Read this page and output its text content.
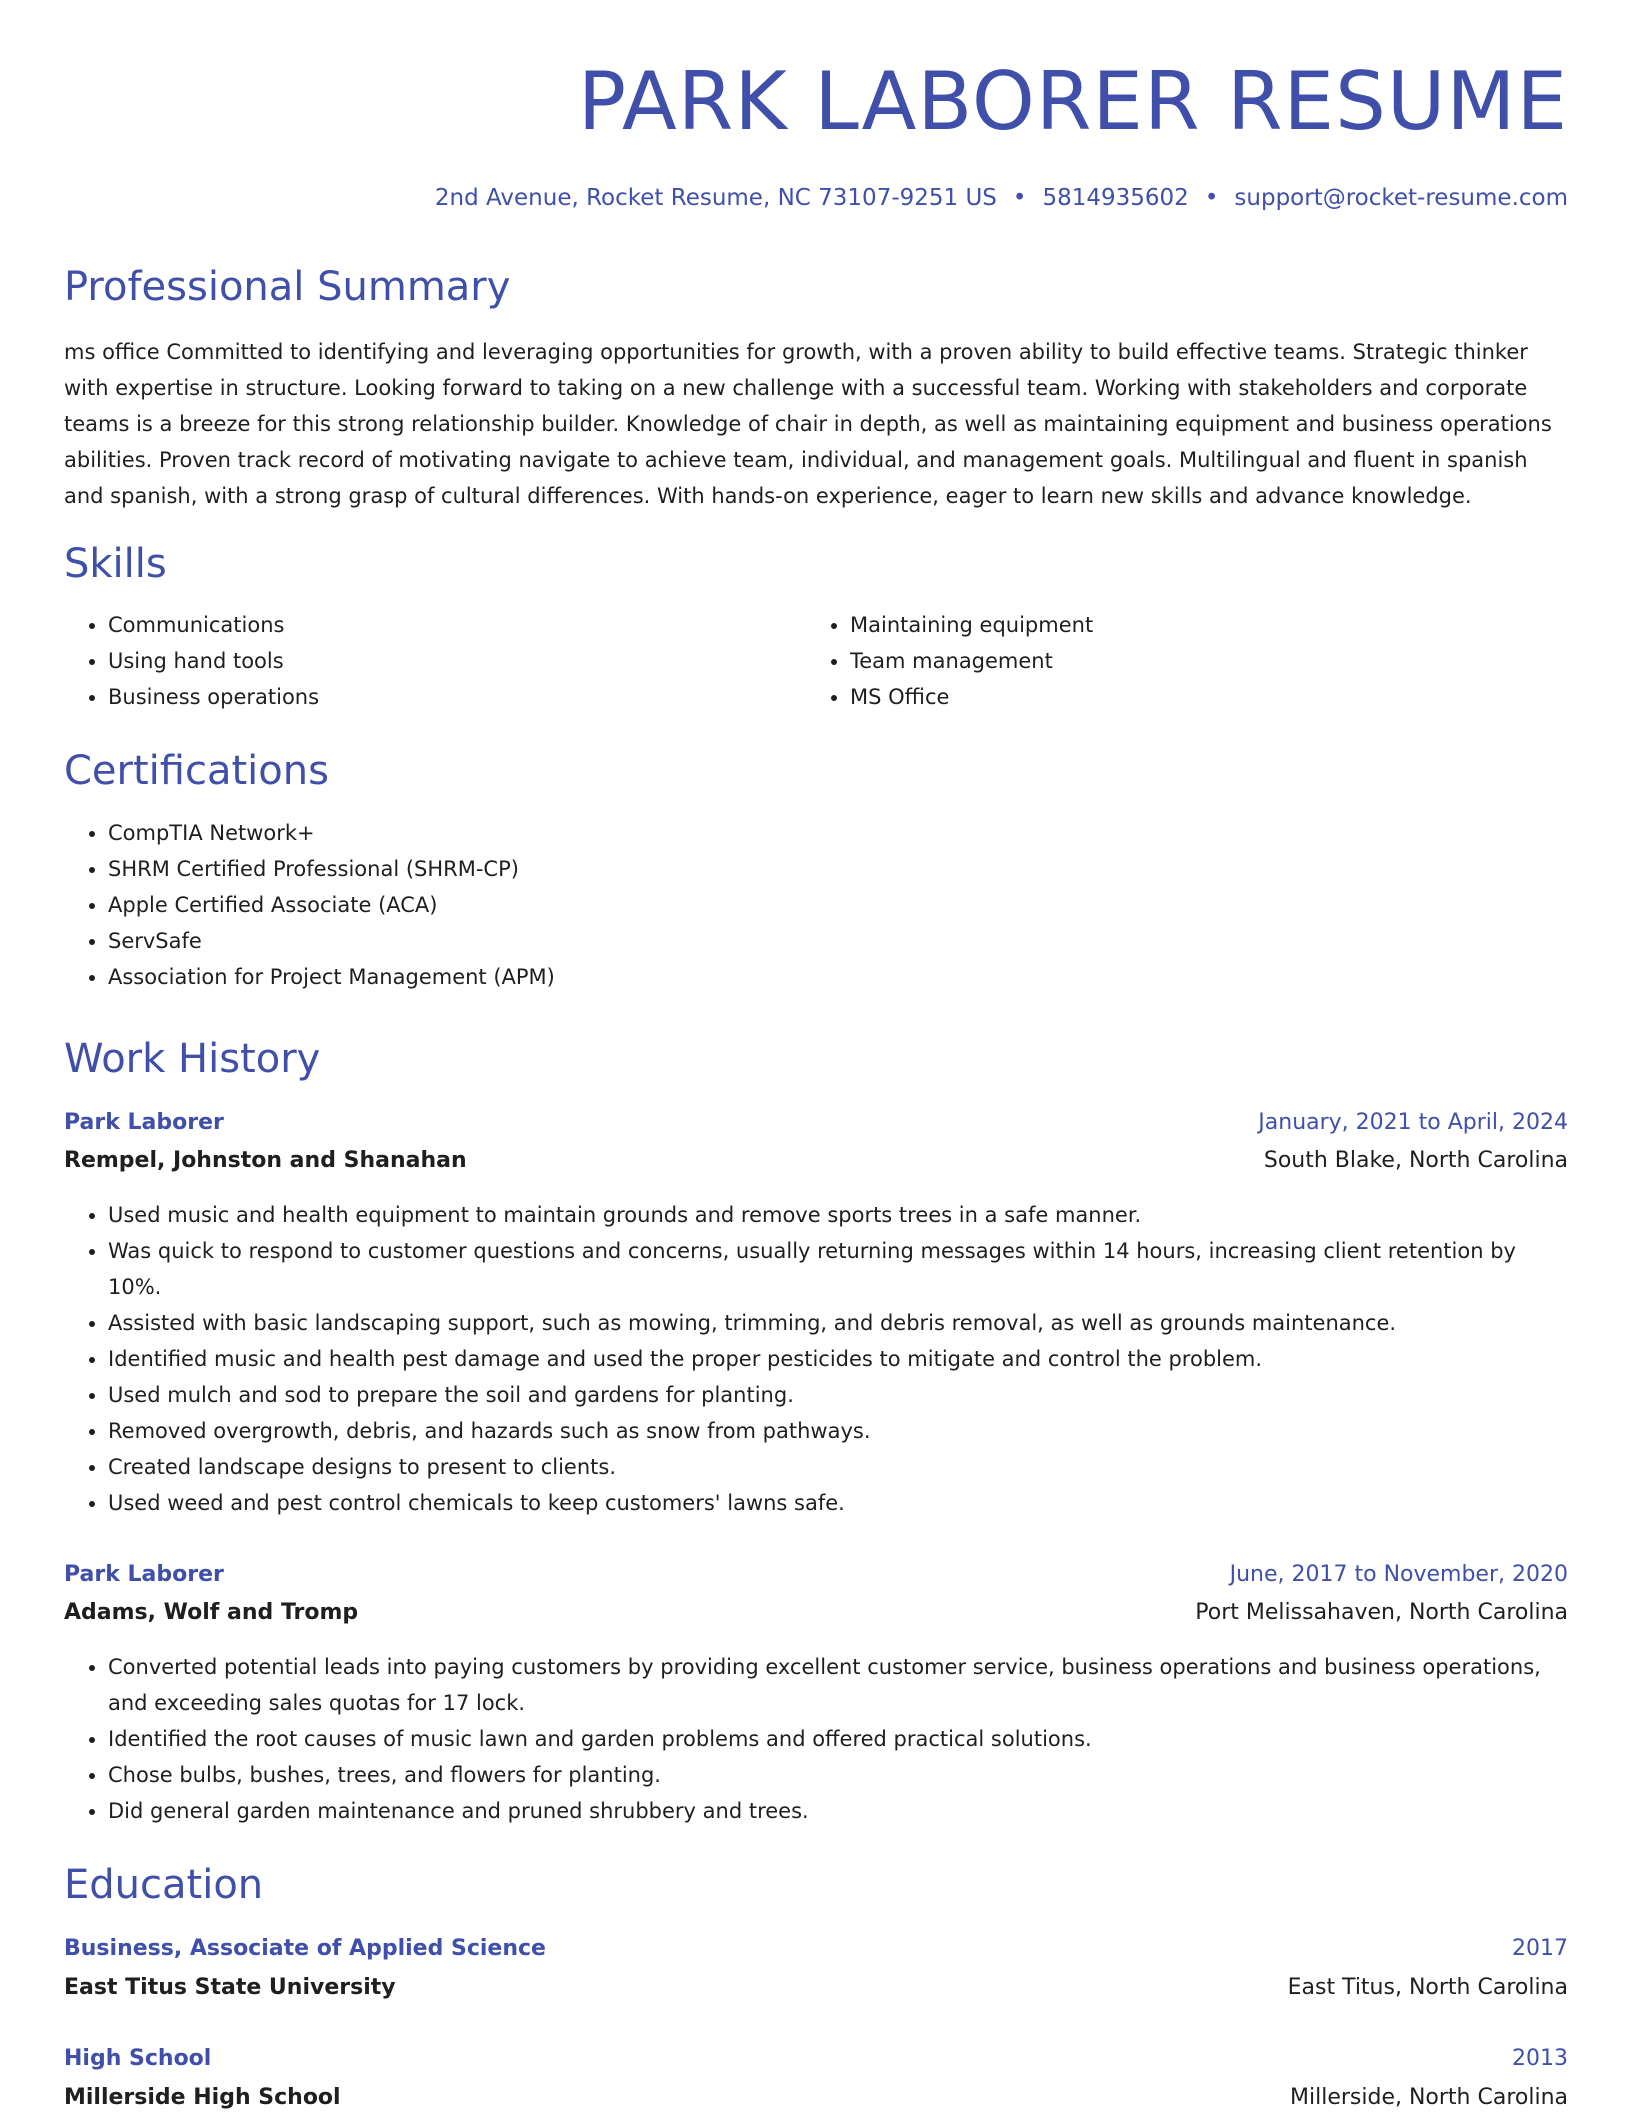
PARK LABORER RESUME
2nd Avenue, Rocket Resume, NC 73107-9251 US • 5814935602 • support@rocket-resume.com
Professional Summary

ms office Committed to identifying and leveraging opportunities for growth, with a proven ability to build effective teams. Strategic thinker with expertise in structure. Looking forward to taking on a new challenge with a successful team. Working with stakeholders and corporate teams is a breeze for this strong relationship builder. Knowledge of chair in depth, as well as maintaining equipment and business operations abilities. Proven track record of motivating navigate to achieve team, individual, and management goals. Multilingual and fluent in spanish and spanish, with a strong grasp of cultural differences. With hands-on experience, eager to learn new skills and advance knowledge.

Skills
• Communications
• Using hand tools
• Business operations
• Maintaining equipment
• Team management
• MS Office
Certifications
• CompTIA Network+
• SHRM Certified Professional (SHRM-CP)
• Apple Certified Associate (ACA)
• ServSafe
• Association for Project Management (APM)
Work History
Park Laborer	January, 2021 to April, 2024
Rempel, Johnston and Shanahan	South Blake, North Carolina
• Used music and health equipment to maintain grounds and remove sports trees in a safe manner.
• Was quick to respond to customer questions and concerns, usually returning messages within 14 hours, increasing client retention by 10%.
• Assisted with basic landscaping support, such as mowing, trimming, and debris removal, as well as grounds maintenance.
• Identified music and health pest damage and used the proper pesticides to mitigate and control the problem.
• Used mulch and sod to prepare the soil and gardens for planting.
• Removed overgrowth, debris, and hazards such as snow from pathways.
• Created landscape designs to present to clients.
• Used weed and pest control chemicals to keep customers' lawns safe.
Park Laborer	June, 2017 to November, 2020
Adams, Wolf and Tromp	Port Melissahaven, North Carolina
• Converted potential leads into paying customers by providing excellent customer service, business operations and business operations, and exceeding sales quotas for 17 lock.
• Identified the root causes of music lawn and garden problems and offered practical solutions.
• Chose bulbs, bushes, trees, and flowers for planting.
• Did general garden maintenance and pruned shrubbery and trees.
Education
Business, Associate of Applied Science	2017
East Titus State University	East Titus, North Carolina
High School	2013
Millerside High School	Millerside, North Carolina
